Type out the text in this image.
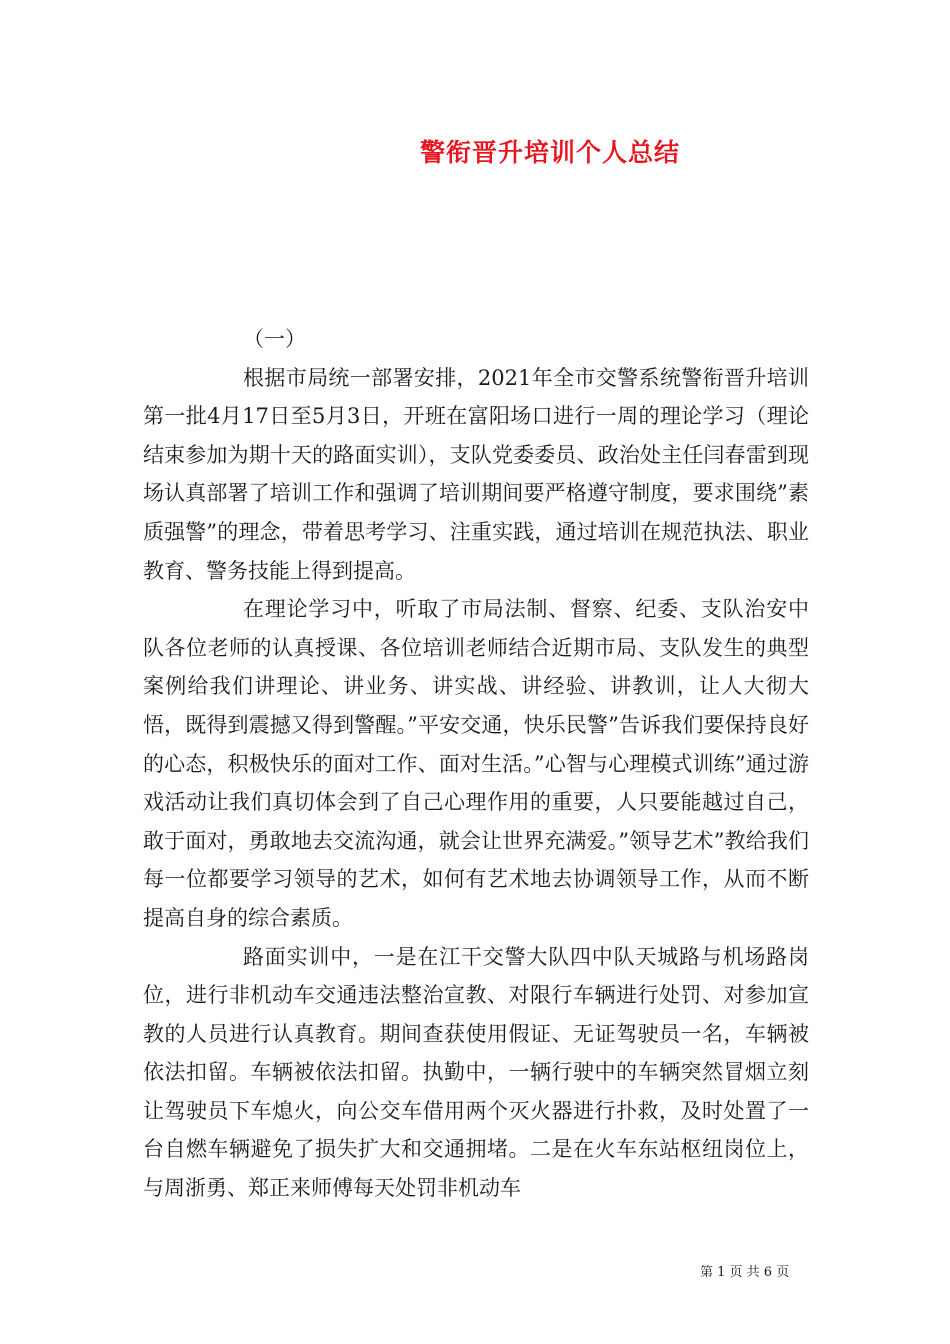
警衔晋升培训个人总结

（一）

根据市局统一部署安排，2021年全市交警系统警衔晋升培训第一批4月17日至5月3日，开班在富阳场口进行一周的理论学习（理论结束参加为期十天的路面实训），支队党委委员、政治处主任闫春雷到现场认真部署了培训工作和强调了培训期间要严格遵守制度，要求围绕”素质强警”的理念，带着思考学习、注重实践，通过培训在规范执法、职业教育、警务技能上得到提高。

在理论学习中，听取了市局法制、督察、纪委、支队治安中队各位老师的认真授课、各位培训老师结合近期市局、支队发生的典型案例给我们讲理论、讲业务、讲实战、讲经验、讲教训，让人大彻大悟，既得到震撼又得到警醒。”平安交通，快乐民警”告诉我们要保持良好的心态，积极快乐的面对工作、面对生活。”心智与心理模式训练”通过游戏活动让我们真切体会到了自己心理作用的重要，人只要能越过自己，敢于面对，勇敢地去交流沟通，就会让世界充满爱。”领导艺术”教给我们每一位都要学习领导的艺术，如何有艺术地去协调领导工作，从而不断提高自身的综合素质。

路面实训中，一是在江干交警大队四中队天城路与机场路岗位，进行非机动车交通违法整治宣教、对限行车辆进行处罚、对参加宣教的人员进行认真教育。期间查获使用假证、无证驾驶员一名，车辆被依法扣留。车辆被依法扣留。执勤中，一辆行驶中的车辆突然冒烟立刻让驾驶员下车熄火，向公交车借用两个灭火器进行扑救，及时处置了一台自燃车辆避免了损失扩大和交通拥堵。二是在火车东站枢纽岗位上，与周浙勇、郑正来师傅每天处罚非机动车

第 1 页 共 6 页
